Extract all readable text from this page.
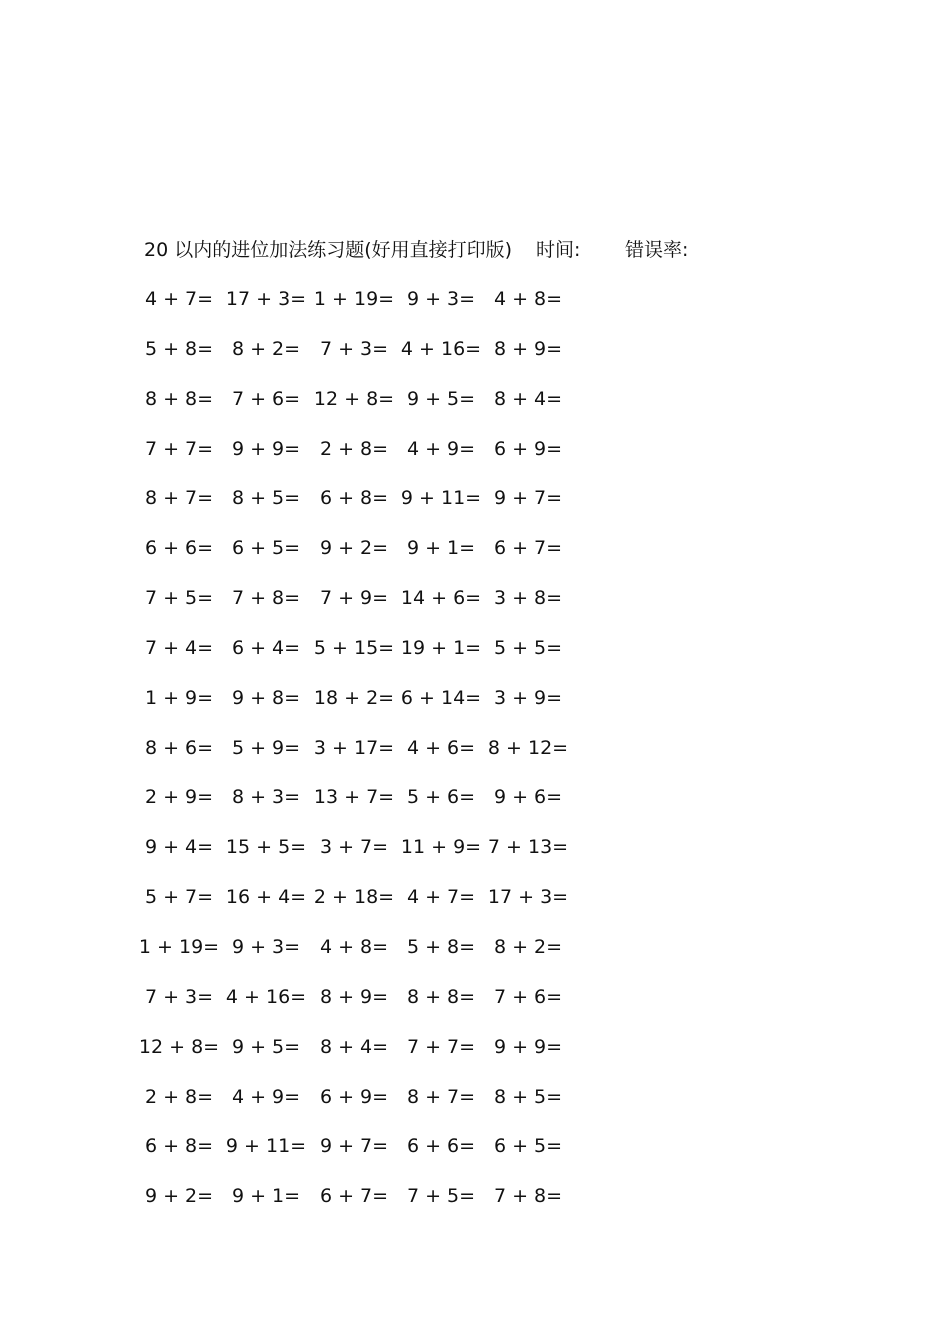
20 以内的进位加法练习题(好用直接打印版) 时间: 错误率:
4 + 7= 17 + 3= 1 + 19= 9 + 3= 4 + 8=
5 + 8= 8 + 2=	7 + 3= 4 + 16= 8 + 9=
8 + 8= 7 + 6= 12 + 8= 9 + 5= 8 + 4=
7 + 7= 9 + 9=	2 + 8= 4 + 9= 6 + 9=
8 + 7= 8 + 5=	6 + 8= 9 + 11= 9 + 7=
6 + 6= 6 + 5=	9 + 2= 9 + 1= 6 + 7=
7 + 5= 7 + 8=	7 + 9= 14 + 6= 3 + 8=
7 + 4= 6 + 4= 5 + 15= 19 + 1= 5 + 5=
1 + 9= 9 + 8= 18 + 2= 6 + 14= 3 + 9=
8 + 6= 5 + 9= 3 + 17= 4 + 6= 8 + 12=
2 + 9= 8 + 3= 13 + 7= 5 + 6= 9 + 6=
9 + 4= 15 + 5= 3 + 7= 11 + 9= 7 + 13=
5 + 7= 16 + 4= 2 + 18= 4 + 7= 17 + 3=
1 + 19= 9 + 3=	4 + 8= 5 + 8= 8 + 2=
7 + 3= 4 + 16= 8 + 9= 8 + 8= 7 + 6=
12 + 8= 9 + 5=	8 + 4= 7 + 7= 9 + 9=
2 + 8= 4 + 9=	6 + 9= 8 + 7= 8 + 5=
6 + 8= 9 + 11= 9 + 7= 6 + 6= 6 + 5=
9 + 2= 9 + 1=	6 + 7= 7 + 5= 7 + 8=
